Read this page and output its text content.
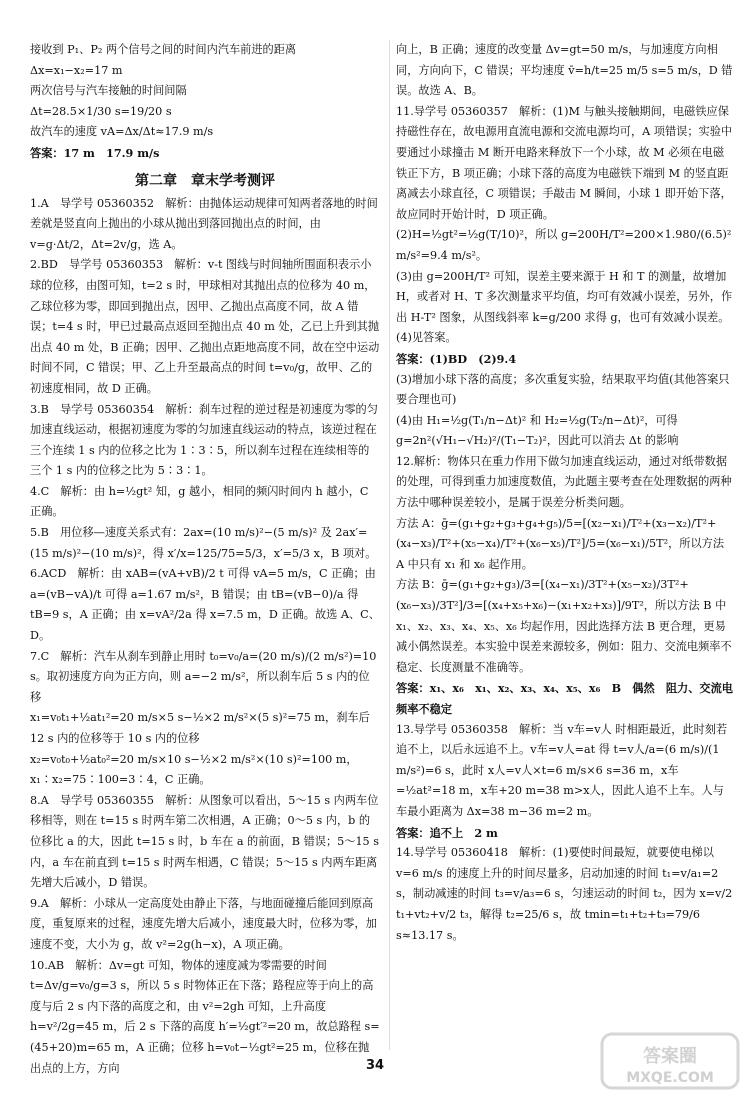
接收到 P₁、P₂ 两个信号之间的时间内汽车前进的距离
Δx=x₁−x₂=17 m
两次信号与汽车接触的时间间隔
Δt=28.5×1/30 s=19/20 s
故汽车的速度 vA=Δx/Δt≈17.9 m/s
答案：17 m　17.9 m/s
第二章　章末学考测评
1.A　导学号 05360352　解析：由抛体运动规律可知两者落地的时间差就是竖直向上抛出的小球从抛出到落回抛出点的时间，由 v=g·Δt/2，Δt=2v/g，选 A。
2.BD　导学号 05360353　解析：v-t 图线与时间轴所围面积表示小球的位移，由图可知，t=2 s 时，甲球相对其抛出点的位移为 40 m，乙球位移为零，即回到抛出点，因甲、乙抛出点高度不同，故 A 错误；t=4 s 时，甲已过最高点返回至抛出点 40 m 处，乙已上升到其抛出点 40 m 处，B 正确；因甲、乙抛出点距地高度不同，故在空中运动时间不同，C 错误；甲、乙上升至最高点的时间 t=v₀/g，故甲、乙的初速度相同，故 D 正确。
3.B　导学号 05360354　解析：刹车过程的逆过程是初速度为零的匀加速直线运动，根据初速度为零的匀加速直线运动的特点，该逆过程在三个连续 1 s 内的位移之比为 1∶3∶5，所以刹车过程在连续相等的三个 1 s 内的位移之比为 5∶3∶1。
4.C　解析：由 h=½gt² 知，g 越小，相同的频闪时间内 h 越小，C 正确。
5.B　用位移—速度关系式有：2ax=(10 m/s)²−(5 m/s)² 及 2ax′=(15 m/s)²−(10 m/s)²，得 x′/x=125/75=5/3，x′=5/3 x，B 项对。
6.ACD　解析：由 xAB=(vA+vB)/2 t 可得 vA=5 m/s，C 正确；由 a=(vB−vA)/t 可得 a=1.67 m/s²，B 错误；由 tB=(vB−0)/a 得 tB=9 s，A 正确；由 x=vA²/2a 得 x=7.5 m，D 正确。故选 A、C、D。
7.C　解析：汽车从刹车到静止用时 t₀=v₀/a=(20 m/s)/(2 m/s²)=10 s。取初速度方向为正方向，则 a=−2 m/s²，所以刹车后 5 s 内的位移
x₁=v₀t₁+½at₁²=20 m/s×5 s−½×2 m/s²×(5 s)²=75 m，刹车后 12 s 内的位移等于 10 s 内的位移
x₂=v₀t₀+½at₀²=20 m/s×10 s−½×2 m/s²×(10 s)²=100 m，x₁∶x₂=75∶100=3∶4，C 正确。
8.A　导学号 05360355　解析：从图象可以看出，5～15 s 内两车位移相等，则在 t=15 s 时两车第二次相遇，A 正确；0～5 s 内，b 的位移比 a 的大，因此 t=15 s 时，b 车在 a 的前面，B 错误；5～15 s 内，a 车在前直到 t=15 s 时两车相遇，C 错误；5～15 s 内两车距离先增大后减小，D 错误。
9.A　解析：小球从一定高度处由静止下落，与地面碰撞后能回到原高度，重复原来的过程，速度先增大后减小，速度最大时，位移为零，加速度不变，大小为 g，故 v²=2g(h−x)，A 项正确。
10.AB　解析：Δv=gt 可知，物体的速度减为零需要的时间 t=Δv/g=v₀/g=3 s，所以 5 s 时物体正在下落；路程应等于向上的高度与后 2 s 内下落的高度之和，由 v²=2gh 可知，上升高度 h=v²/2g=45 m，后 2 s 下落的高度 h′=½gt′²=20 m，故总路程 s=(45+20)m=65 m，A 正确；位移 h=v₀t−½gt²=25 m，位移在抛出点的上方，方向
向上，B 正确；速度的改变量 Δv=gt=50 m/s，与加速度方向相同，方向向下，C 错误；平均速度 v̄=h/t=25 m/5 s=5 m/s，D 错误。故选 A、B。
11.导学号 05360357　解析：(1)M 与触头接触期间，电磁铁应保持磁性存在，故电源用直流电源和交流电源均可，A 项错误；实验中要通过小球撞击 M 断开电路来释放下一个小球，故 M 必须在电磁铁正下方，B 项正确；小球下落的高度为电磁铁下端到 M 的竖直距离减去小球直径，C 项错误；手敲击 M 瞬间，小球 1 即开始下落，故应同时开始计时，D 项正确。
(2)H=½gt²=½g(T/10)²，所以 g=200H/T²=200×1.980/(6.5)² m/s²=9.4 m/s²。
(3)由 g=200H/T² 可知，误差主要来源于 H 和 T 的测量，故增加 H，或者对 H、T 多次测量求平均值，均可有效减小误差，另外，作出 H-T² 图象，从图线斜率 k=g/200 求得 g，也可有效减小误差。
(4)见答案。
答案：(1)BD　(2)9.4
(3)增加小球下落的高度；多次重复实验，结果取平均值(其他答案只要合理也可)
(4)由 H₁=½g(T₁/n−Δt)² 和 H₂=½g(T₂/n−Δt)²，可得 g=2n²(√H₁−√H₂)²/(T₁−T₂)²，因此可以消去 Δt 的影响
12.解析：物体只在重力作用下做匀加速直线运动，通过对纸带数据的处理，可得到重力加速度数值，为此题主要考查在处理数据的两种方法中哪种误差较小，是属于误差分析类问题。
方法 A：ḡ=(g₁+g₂+g₃+g₄+g₅)/5=[(x₂−x₁)/T²+(x₃−x₂)/T²+(x₄−x₃)/T²+(x₅−x₄)/T²+(x₆−x₅)/T²]/5=(x₆−x₁)/5T²，所以方法 A 中只有 x₁ 和 x₆ 起作用。
方法 B：ḡ=(g₁+g₂+g₃)/3=[(x₄−x₁)/3T²+(x₅−x₂)/3T²+(x₆−x₃)/3T²]/3=[(x₄+x₅+x₆)−(x₁+x₂+x₃)]/9T²，所以方法 B 中 x₁、x₂、x₃、x₄、x₅、x₆ 均起作用，因此选择方法 B 更合理，更易减小偶然误差。本实验中误差来源较多，例如：阻力、交流电频率不稳定、长度测量不准确等。
答案：x₁、x₆　x₁、x₂、x₃、x₄、x₅、x₆　B　偶然　阻力、交流电频率不稳定
13.导学号 05360358　解析：当 v车=v人 时相距最近，此时刻若追不上，以后永远追不上。v车=v人=at 得 t=v人/a=(6 m/s)/(1 m/s²)=6 s，此时 x人=v人×t=6 m/s×6 s=36 m，x车=½at²=18 m，x车+20 m=38 m>x人，因此人追不上车。人与车最小距离为 Δx=38 m−36 m=2 m。
答案：追不上　2 m
14.导学号 05360418　解析：(1)要使时间最短，就要使电梯以 v=6 m/s 的速度上升的时间尽量多，启动加速的时间 t₁=v/a₁=2 s，制动减速的时间 t₃=v/a₃=6 s，匀速运动的时间 t₂，因为 x=v/2 t₁+vt₂+v/2 t₃，解得 t₂=25/6 s，故 tmin=t₁+t₂+t₃=79/6 s≈13.17 s。
34	答案圈
MXQE.COM
